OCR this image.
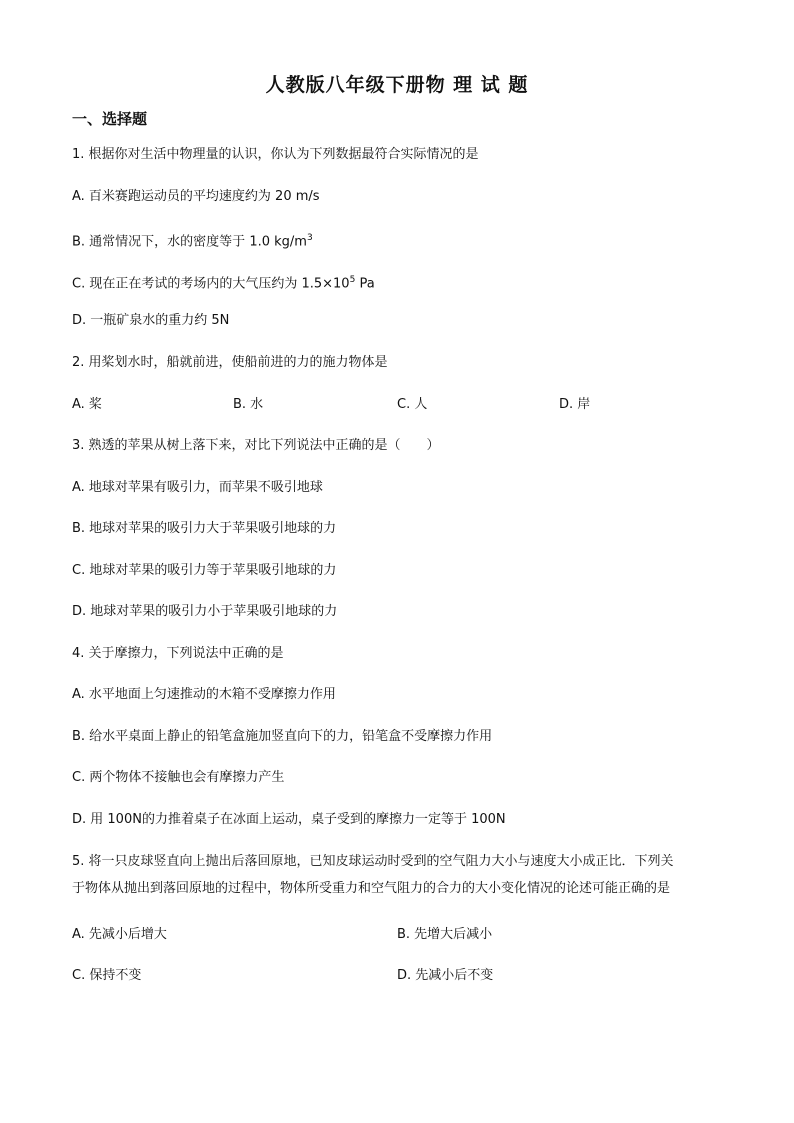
人教版八年级下册物 理 试 题
一、选择题
1. 根据你对生活中物理量的认识，你认为下列数据最符合实际情况的是
A. 百米赛跑运动员的平均速度约为 20 m/s
B. 通常情况下，水的密度等于 1.0 $kg/m^3$
C. 现在正在考试的考场内的大气压约为 $1.5\times 10^5$ Pa
D. 一瓶矿泉水的重力约 5N
2. 用桨划水时，船就前进，使船前进的力的施力物体是
A. 桨	B. 水	C. 人	D. 岸
3. 熟透的苹果从树上落下来，对比下列说法中正确的是（　　）
A. 地球对苹果有吸引力，而苹果不吸引地球
B. 地球对苹果的吸引力大于苹果吸引地球的力
C. 地球对苹果的吸引力等于苹果吸引地球的力
D. 地球对苹果的吸引力小于苹果吸引地球的力
4. 关于摩擦力，下列说法中正确的是
A. 水平地面上匀速推动的木箱不受摩擦力作用
B. 给水平桌面上静止的铅笔盒施加竖直向下的力，铅笔盒不受摩擦力作用
C. 两个物体不接触也会有摩擦力产生
D. 用 100N的力推着桌子在冰面上运动，桌子受到的摩擦力一定等于 100N
5. 将一只皮球竖直向上抛出后落回原地，已知皮球运动时受到的空气阻力大小与速度大小成正比．下列关
于物体从抛出到落回原地的过程中，物体所受重力和空气阻力的合力的大小变化情况的论述可能正确的是
A. 先减小后增大	B. 先增大后减小
C. 保持不变	D. 先减小后不变
